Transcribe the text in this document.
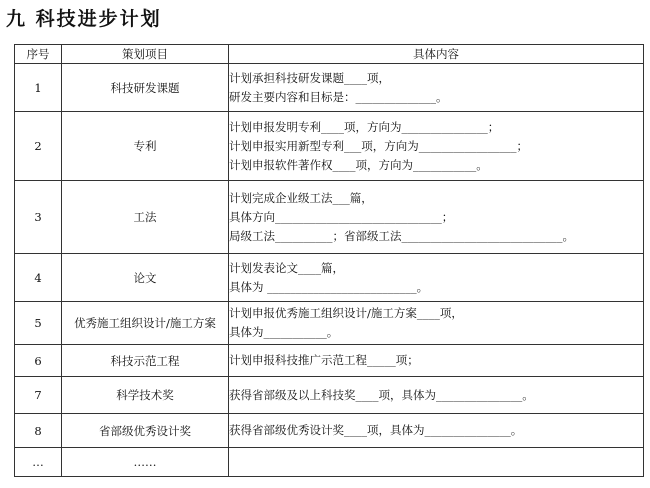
九 科技进步计划
序号	策划项目	具体内容
1	科技研发课题	计划承担科技研发课题____项，
研发主要内容和目标是：______________。

2	专利	计划申报发明专利____项，方向为_______________；
计划申报实用新型专利___项，方向为_________________；
计划申报软件著作权____项，方向为___________。

3	工法	计划完成企业级工法___篇，
具体方向_____________________________；
局级工法__________；省部级工法____________________________。

4	论文	计划发表论文____篇，
具体为 __________________________。

5	优秀施工组织设计/施工方案	计划申报优秀施工组织设计/施工方案____项，
具体为___________。

6	科技示范工程	计划申报科技推广示范工程_____项；

7	科学技术奖	获得省部级及以上科技奖____项，具体为_______________。

8	省部级优秀设计奖	获得省部级优秀设计奖____项，具体为_______________。

…	……	
